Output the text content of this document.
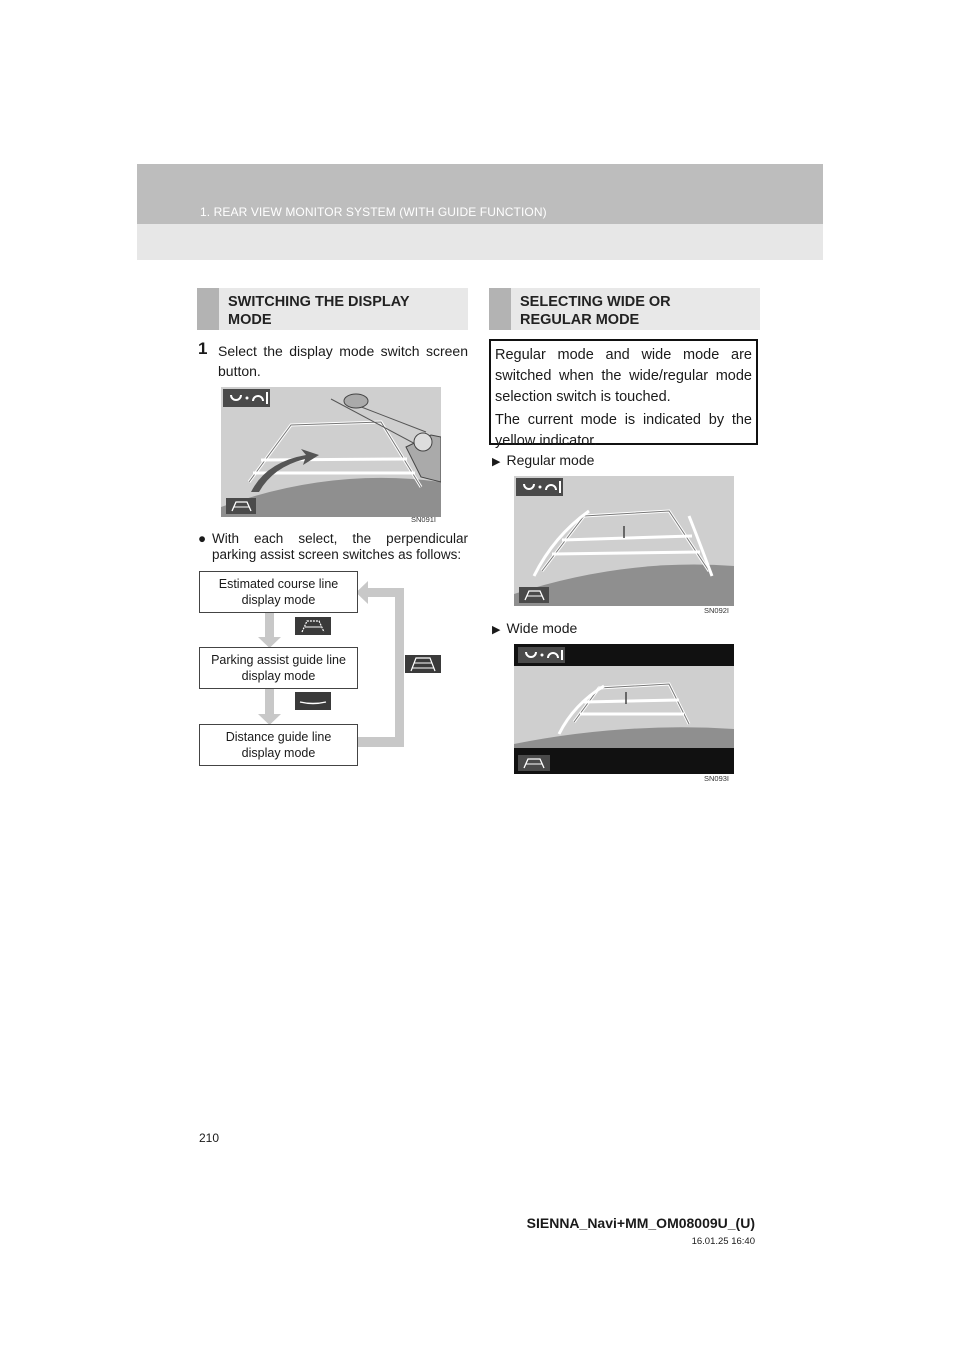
1. REAR VIEW MONITOR SYSTEM (WITH GUIDE FUNCTION)
SWITCHING THE DISPLAY
MODE
1 Select the display mode switch screen button.
SN091I
● With each select, the perpendicular parking assist screen switches as follows:
Estimated course line
display mode
Parking assist guide line
display mode
Distance guide line
display mode
SELECTING WIDE OR
REGULAR MODE

Regular mode and wide mode are switched when the wide/regular mode selection switch is touched.

The current mode is indicated by the yellow indicator.

▶ Regular mode
SN092I
▶ Wide mode
SN093I
210
SIENNA_Navi+MM_OM08009U_(U)
16.01.25 16:40
